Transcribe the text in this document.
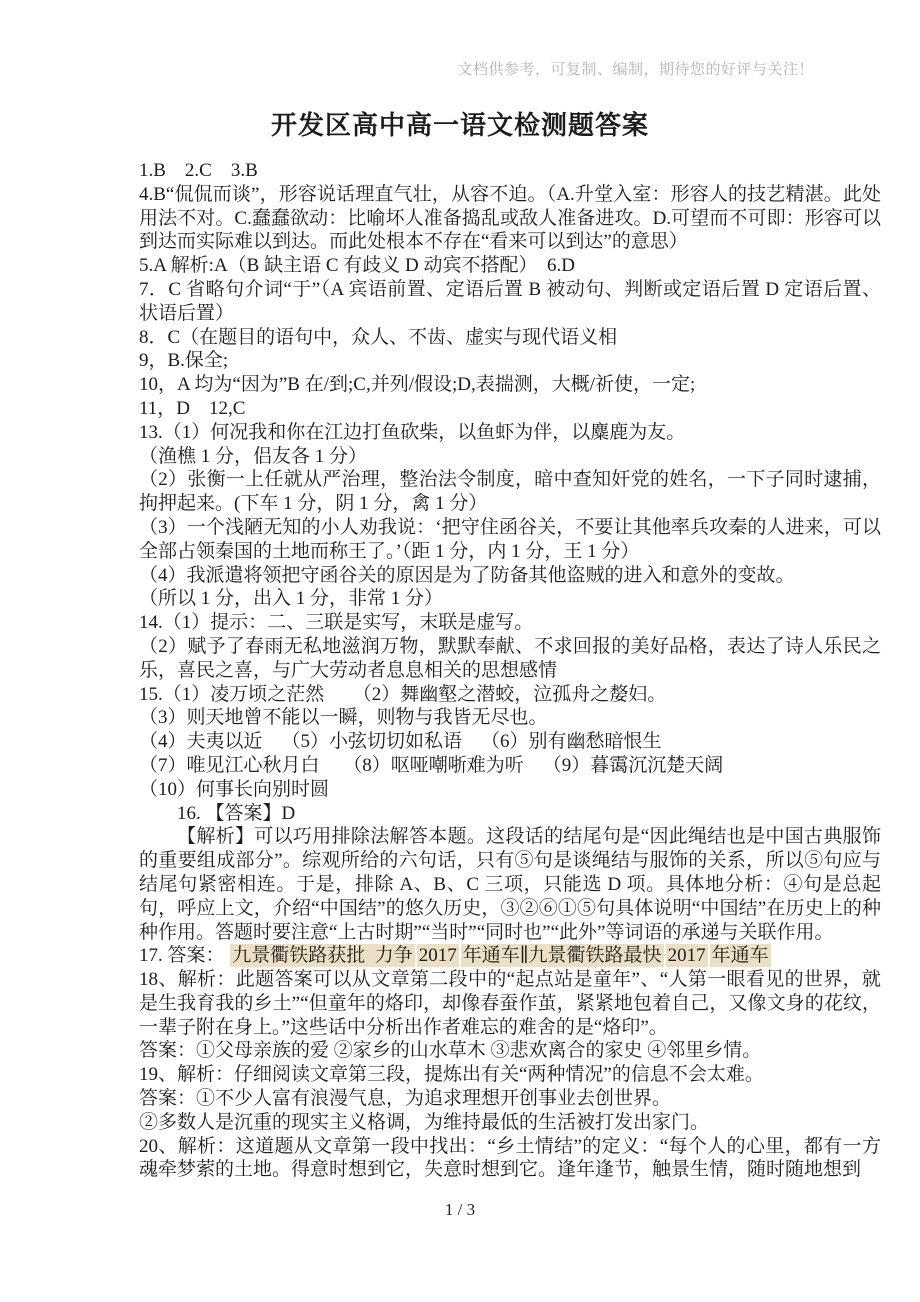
文档供参考，可复制、编制，期待您的好评与关注！
开发区高中高一语文检测题答案

1.B    2.C    3.B

4.B“侃侃而谈”，形容说话理直气壮，从容不迫。（A.升堂入室：形容人的技艺精湛。此处用法不对。C.蠢蠢欲动：比喻坏人准备捣乱或敌人准备进攻。D.可望而不可即：形容可以到达而实际难以到达。而此处根本不存在“看来可以到达”的意思）

5.A 解析:A（B 缺主语 C 有歧义 D 动宾不搭配）  6.D

7．C 省略句介词“于”（A 宾语前置、定语后置 B 被动句、判断或定语后置 D 定语后置、状语后置）

8．C（在题目的语句中，众人、不齿、虚实与现代语义相

9，B.保全;

10，A 均为“因为”B 在/到;C,并列/假设;D,表揣测，大概/祈使，一定;

11，D    12,C

13.（1）何况我和你在江边打鱼砍柴，以鱼虾为伴，以麋鹿为友。

（渔樵 1 分，侣友各 1 分）

（2）张衡一上任就从严治理，整治法令制度，暗中查知奸党的姓名，一下子同时逮捕，拘押起来。(下车 1 分，阴 1 分，禽 1 分）

（3）一个浅陋无知的小人劝我说：‘把守住函谷关，不要让其他率兵攻秦的人进来，可以全部占领秦国的土地而称王了。’（距 1 分，内 1 分，王 1 分）

（4）我派遣将领把守函谷关的原因是为了防备其他盗贼的进入和意外的变故。

（所以 1 分，出入 1 分，非常 1 分）

14.（1）提示：二、三联是实写，末联是虚写。

（2）赋予了春雨无私地滋润万物，默默奉献、不求回报的美好品格，表达了诗人乐民之乐，喜民之喜，与广大劳动者息息相关的思想感情

15.（1）凌万顷之茫然      （2）舞幽壑之潜蛟，泣孤舟之嫠妇。

（3）则天地曾不能以一瞬，则物与我皆无尽也。

（4）夫夷以近    （5）小弦切切如私语    （6）别有幽愁暗恨生

（7）唯见江心秋月白     （8）呕哑嘲哳难为听    （9）暮霭沉沉楚天阔

（10）何事长向别时圆

16. 【答案】D

【解析】可以巧用排除法解答本题。这段话的结尾句是“因此绳结也是中国古典服饰的重要组成部分”。综观所给的六句话，只有⑤句是谈绳结与服饰的关系，所以⑤句应与结尾句紧密相连。于是，排除 A、B、C 三项，只能选 D 项。具体地分析：④句是总起句，呼应上文，介绍“中国结”的悠久历史，③②⑥①⑤句具体说明“中国结”在历史上的种种作用。答题时要注意“上古时期”“当时”“同时也”“此外”等词语的承递与关联作用。

17. 答案： 九景衢铁路获批  力争 2017 年通车∥九景衢铁路最快 2017 年通车

18、解析：此题答案可以从文章第二段中的“起点站是童年”、“人第一眼看见的世界，就是生我育我的乡土”“但童年的烙印，却像春蚕作茧，紧紧地包着自己，又像文身的花纹，一辈子附在身上。”这些话中分析出作者难忘的难舍的是“烙印”。

答案：①父母亲族的爱 ②家乡的山水草木 ③悲欢离合的家史 ④邻里乡情。

19、解析：仔细阅读文章第三段，提炼出有关“两种情况”的信息不会太难。

答案：①不少人富有浪漫气息，为追求理想开创事业去创世界。

②多数人是沉重的现实主义格调，为维持最低的生活被打发出家门。

20、解析：这道题从文章第一段中找出：“乡土情结”的定义：“每个人的心里，都有一方魂牵梦萦的土地。得意时想到它，失意时想到它。逢年逢节，触景生情，随时随地想到

1 / 3
